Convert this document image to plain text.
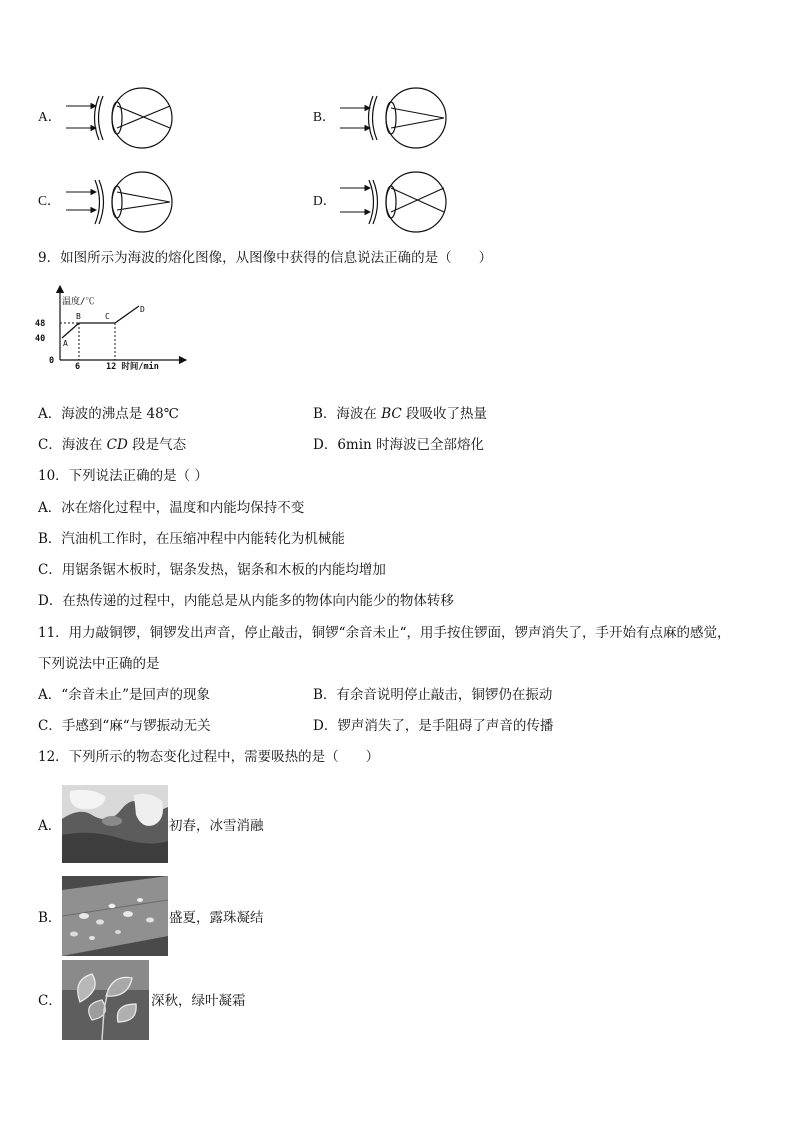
A．	B．
C．	D．
9．如图所示为海波的熔化图像，从图像中获得的信息说法正确的是（　　）
温度/℃
48
40
0
6	12 时间/min
A
B	C
D
A．海波的沸点是 48℃	B．海波在 BC 段吸收了热量
C．海波在 CD 段是气态	D．6min 时海波已全部熔化
10．下列说法正确的是（ ）
A．冰在熔化过程中，温度和内能均保持不变
B．汽油机工作时，在压缩冲程中内能转化为机械能
C．用锯条锯木板时，锯条发热，锯条和木板的内能均增加
D．在热传递的过程中，内能总是从内能多的物体向内能少的物体转移
11．用力敲铜锣，铜锣发出声音，停止敲击，铜锣“余音未止“，用手按住锣面，锣声消失了，手开始有点麻的感觉，
下列说法中正确的是
A．“余音未止”是回声的现象	B．有余音说明停止敲击，铜锣仍在振动
C．手感到“麻“与锣振动无关	D．锣声消失了，是手阻碍了声音的传播
12．下列所示的物态变化过程中，需要吸热的是（　　）
A．	初春，冰雪消融
B．	盛夏，露珠凝结
C．	深秋，绿叶凝霜
